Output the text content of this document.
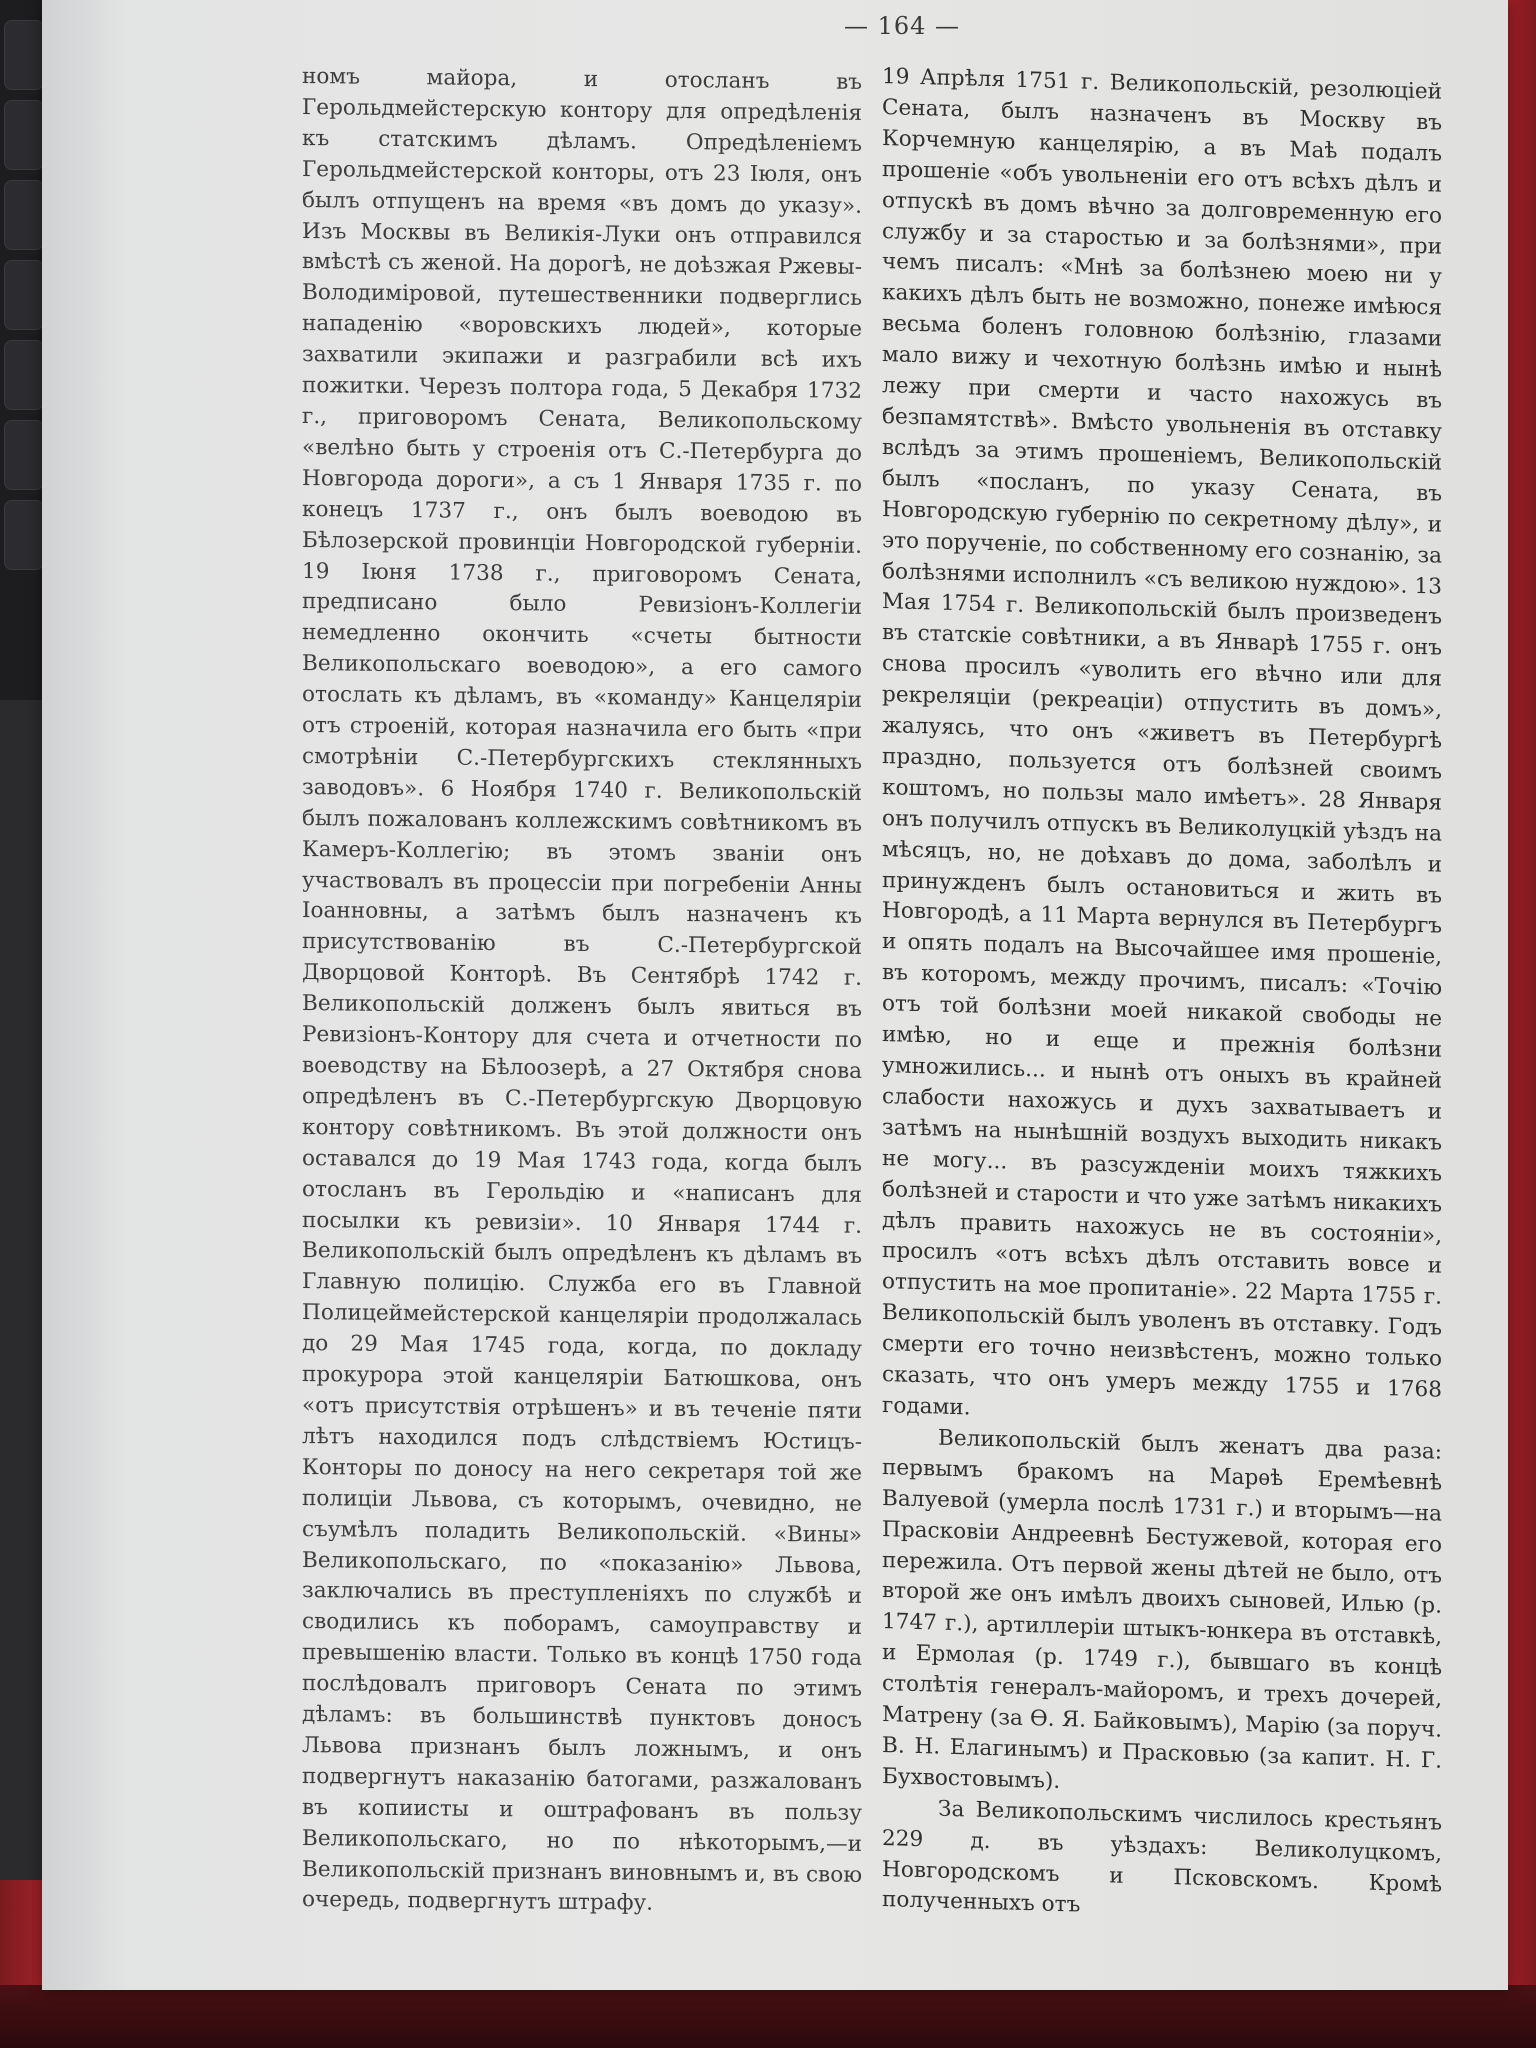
— 164 —

номъ майора, и отосланъ въ Герольдмейстерскую контору для опредѣленія къ статскимъ дѣламъ. Опредѣленіемъ Герольдмейстерской конторы, отъ 23 Іюля, онъ былъ отпущенъ на время «въ домъ до указу». Изъ Москвы въ Великія-Луки онъ отправился вмѣстѣ съ женой. На дорогѣ, не доѣзжая Ржевы-Володиміровой, путешественники подверглись нападенію «воровскихъ людей», которые захватили экипажи и разграбили всѣ ихъ пожитки. Черезъ полтора года, 5 Декабря 1732 г., приговоромъ Сената, Великопольскому «велѣно быть у строенія отъ С.-Петербурга до Новгорода дороги», а съ 1 Января 1735 г. по конецъ 1737 г., онъ былъ воеводою въ Бѣлозерской провинціи Новгородской губерніи. 19 Іюня 1738 г., приговоромъ Сената, предписано было Ревизіонъ-Коллегіи немедленно окончить «счеты бытности Великопольскаго воеводою», а его самого отослать къ дѣламъ, въ «команду» Канцеляріи отъ строеній, которая назначила его быть «при смотрѣніи С.-Петербургскихъ стеклянныхъ заводовъ». 6 Ноября 1740 г. Великопольскій былъ пожалованъ коллежскимъ совѣтникомъ въ Камеръ-Коллегію; въ этомъ званіи онъ участвовалъ въ процессіи при погребеніи Анны Іоанновны, а затѣмъ былъ назначенъ къ присутствованію въ С.-Петербургской Дворцовой Конторѣ. Въ Сентябрѣ 1742 г. Великопольскій долженъ былъ явиться въ Ревизіонъ-Контору для счета и отчетности по воеводству на Бѣлоозерѣ, а 27 Октября снова опредѣленъ въ С.-Петербургскую Дворцовую контору совѣтникомъ. Въ этой должности онъ оставался до 19 Мая 1743 года, когда былъ отосланъ въ Герольдію и «написанъ для посылки къ ревизіи». 10 Января 1744 г. Великопольскій былъ опредѣленъ къ дѣламъ въ Главную полицію. Служба его въ Главной Полицеймейстерской канцеляріи продолжалась до 29 Мая 1745 года, когда, по докладу прокурора этой канцеляріи Батюшкова, онъ «отъ присутствія отрѣшенъ» и въ теченіе пяти лѣтъ находился подъ слѣдствіемъ Юстицъ-Конторы по доносу на него секретаря той же полиціи Львова, съ которымъ, очевидно, не съумѣлъ поладить Великопольскій. «Вины» Великопольскаго, по «показанію» Львова, заключались въ преступленіяхъ по службѣ и сводились къ поборамъ, самоуправству и превышенію власти. Только въ концѣ 1750 года послѣдовалъ приговоръ Сената по этимъ дѣламъ: въ большинствѣ пунктовъ доносъ Львова признанъ былъ ложнымъ, и онъ подвергнутъ наказанію батогами, разжалованъ въ копиисты и оштрафованъ въ пользу Великопольскаго, но по нѣкоторымъ,—и Великопольскій признанъ виновнымъ и, въ свою очередь, подвергнутъ штрафу.

19 Апрѣля 1751 г. Великопольскій, резолюціей Сената, былъ назначенъ въ Москву въ Корчемную канцелярію, а въ Маѣ подалъ прошеніе «объ увольненіи его отъ всѣхъ дѣлъ и отпускѣ въ домъ вѣчно за долговременную его службу и за старостью и за болѣзнями», при чемъ писалъ: «Мнѣ за болѣзнею моею ни у какихъ дѣлъ быть не возможно, понеже имѣюся весьма боленъ головною болѣзнію, глазами мало вижу и чехотную болѣзнь имѣю и нынѣ лежу при смерти и часто нахожусь въ безпамятствѣ». Вмѣсто увольненія въ отставку вслѣдъ за этимъ прошеніемъ, Великопольскій былъ «посланъ, по указу Сената, въ Новгородскую губернію по секретному дѣлу», и это порученіе, по собственному его сознанію, за болѣзнями исполнилъ «съ великою нуждою». 13 Мая 1754 г. Великопольскій былъ произведенъ въ статскіе совѣтники, а въ Январѣ 1755 г. онъ снова просилъ «уволить его вѣчно или для рекреляціи (рекреаціи) отпустить въ домъ», жалуясь, что онъ «живетъ въ Петербургѣ праздно, пользуется отъ болѣзней своимъ коштомъ, но пользы мало имѣетъ». 28 Января онъ получилъ отпускъ въ Великолуцкій уѣздъ на мѣсяцъ, но, не доѣхавъ до дома, заболѣлъ и принужденъ былъ остановиться и жить въ Новгородѣ, а 11 Марта вернулся въ Петербургъ и опять подалъ на Высочайшее имя прошеніе, въ которомъ, между прочимъ, писалъ: «Точію отъ той болѣзни моей никакой свободы не имѣю, но и еще и прежнія болѣзни умножились... и нынѣ отъ оныхъ въ крайней слабости нахожусь и духъ захватываетъ и затѣмъ на нынѣшній воздухъ выходить никакъ не могу... въ разсужденіи моихъ тяжкихъ болѣзней и старости и что уже затѣмъ никакихъ дѣлъ править нахожусь не въ состояніи», просилъ «отъ всѣхъ дѣлъ отставить вовсе и отпустить на мое пропитаніе». 22 Марта 1755 г. Великопольскій былъ уволенъ въ отставку. Годъ смерти его точно неизвѣстенъ, можно только сказать, что онъ умеръ между 1755 и 1768 годами.

Великопольскій былъ женатъ два раза: первымъ бракомъ на Марѳѣ Еремѣевнѣ Валуевой (умерла послѣ 1731 г.) и вторымъ—на Прасковіи Андреевнѣ Бестужевой, которая его пережила. Отъ первой жены дѣтей не было, отъ второй же онъ имѣлъ двоихъ сыновей, Илью (р. 1747 г.), артиллеріи штыкъ-юнкера въ отставкѣ, и Ермолая (р. 1749 г.), бывшаго въ концѣ столѣтія генералъ-майоромъ, и трехъ дочерей, Матрену (за Ѳ. Я. Байковымъ), Марію (за поруч. В. Н. Елагинымъ) и Прасковью (за капит. Н. Г. Бухвостовымъ).

За Великопольскимъ числилось крестьянъ 229 д. въ уѣздахъ: Великолуцкомъ, Новгородскомъ и Псковскомъ. Кромѣ полученныхъ отъ
